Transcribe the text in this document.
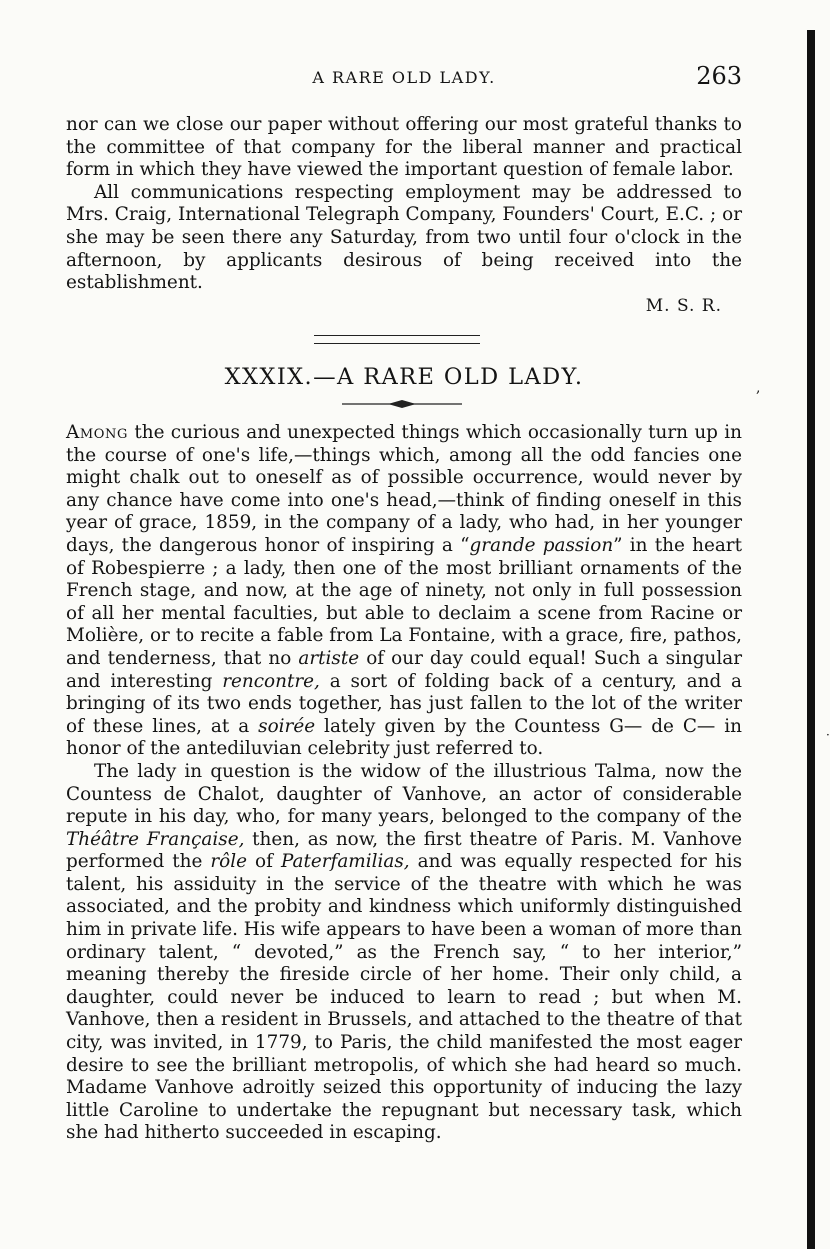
A RARE OLD LADY.	263

nor can we close our paper without offering our most grateful thanks to the committee of that company for the liberal manner and practical form in which they have viewed the important question of female labor.

All communications respecting employment may be addressed to Mrs. Craig, International Telegraph Company, Founders' Court, E.C. ; or she may be seen there any Saturday, from two until four o'clock in the afternoon, by applicants desirous of being received into the establishment.

M. S. R.
XXXIX.—A RARE OLD LADY.

Among the curious and unexpected things which occasionally turn up in the course of one's life,—things which, among all the odd fancies one might chalk out to oneself as of possible occurrence, would never by any chance have come into one's head,—think of finding oneself in this year of grace, 1859, in the company of a lady, who had, in her younger days, the dangerous honor of inspiring a “grande passion” in the heart of Robespierre ; a lady, then one of the most brilliant ornaments of the French stage, and now, at the age of ninety, not only in full possession of all her mental faculties, but able to declaim a scene from Racine or Molière, or to recite a fable from La Fontaine, with a grace, fire, pathos, and tenderness, that no artiste of our day could equal! Such a singular and interesting rencontre, a sort of folding back of a century, and a bringing of its two ends together, has just fallen to the lot of the writer of these lines, at a soirée lately given by the Countess G— de C— in honor of the antediluvian celebrity just referred to.

The lady in question is the widow of the illustrious Talma, now the Countess de Chalot, daughter of Vanhove, an actor of considerable repute in his day, who, for many years, belonged to the company of the Théâtre Française, then, as now, the first theatre of Paris. M. Vanhove performed the rôle of Paterfamilias, and was equally respected for his talent, his assiduity in the service of the theatre with which he was associated, and the probity and kindness which uniformly distinguished him in private life. His wife appears to have been a woman of more than ordinary talent, “ devoted,” as the French say, “ to her interior,” meaning thereby the fireside circle of her home. Their only child, a daughter, could never be induced to learn to read ; but when M. Vanhove, then a resident in Brussels, and attached to the theatre of that city, was invited, in 1779, to Paris, the child manifested the most eager desire to see the brilliant metropolis, of which she had heard so much. Madame Vanhove adroitly seized this opportunity of inducing the lazy little Caroline to undertake the repugnant but necessary task, which she had hitherto succeeded in escaping.

,
·
